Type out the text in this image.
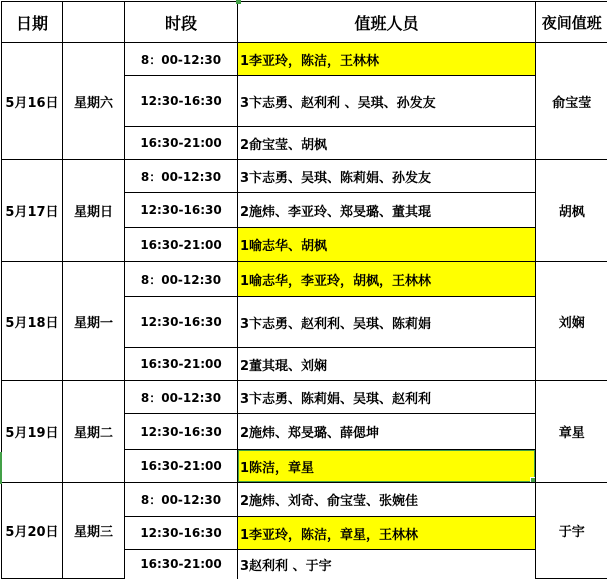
日期		时段	值班人员	夜间值班
5月16日	星期六	8：00-12:30	1李亚玲，陈洁，王林林	俞宝莹
		12:30-16:30	3卞志勇、赵利利 、吴琪、孙发友	
		16:30-21:00	2俞宝莹、胡枫	
5月17日	星期日	8：00-12:30	3卞志勇、吴琪、陈莉娟、孙发友	胡枫
		12:30-16:30	2施炜、李亚玲、郑旻璐、董其琨	
		16:30-21:00	1喻志华、胡枫	
5月18日	星期一	8：00-12:30	1喻志华，李亚玲，胡枫，王林林	刘娴
		12:30-16:30	3卞志勇、赵利利、吴琪、陈莉娟	
		16:30-21:00	2董其琨、刘娴	
5月19日	星期二	8：00-12:30	3卞志勇、陈莉娟、吴琪、赵利利	章星
		12:30-16:30	2施炜、郑旻璐、薛偲坤	
		16:30-21:00	1陈洁，章星	

5月20日	星期三	8：00-12:30	2施炜、刘奇、俞宝莹、张婉佳	于宇
		12:30-16:30	1李亚玲，陈洁，章星，王林林	
		16:30-21:00	3赵利利 、于宇	
